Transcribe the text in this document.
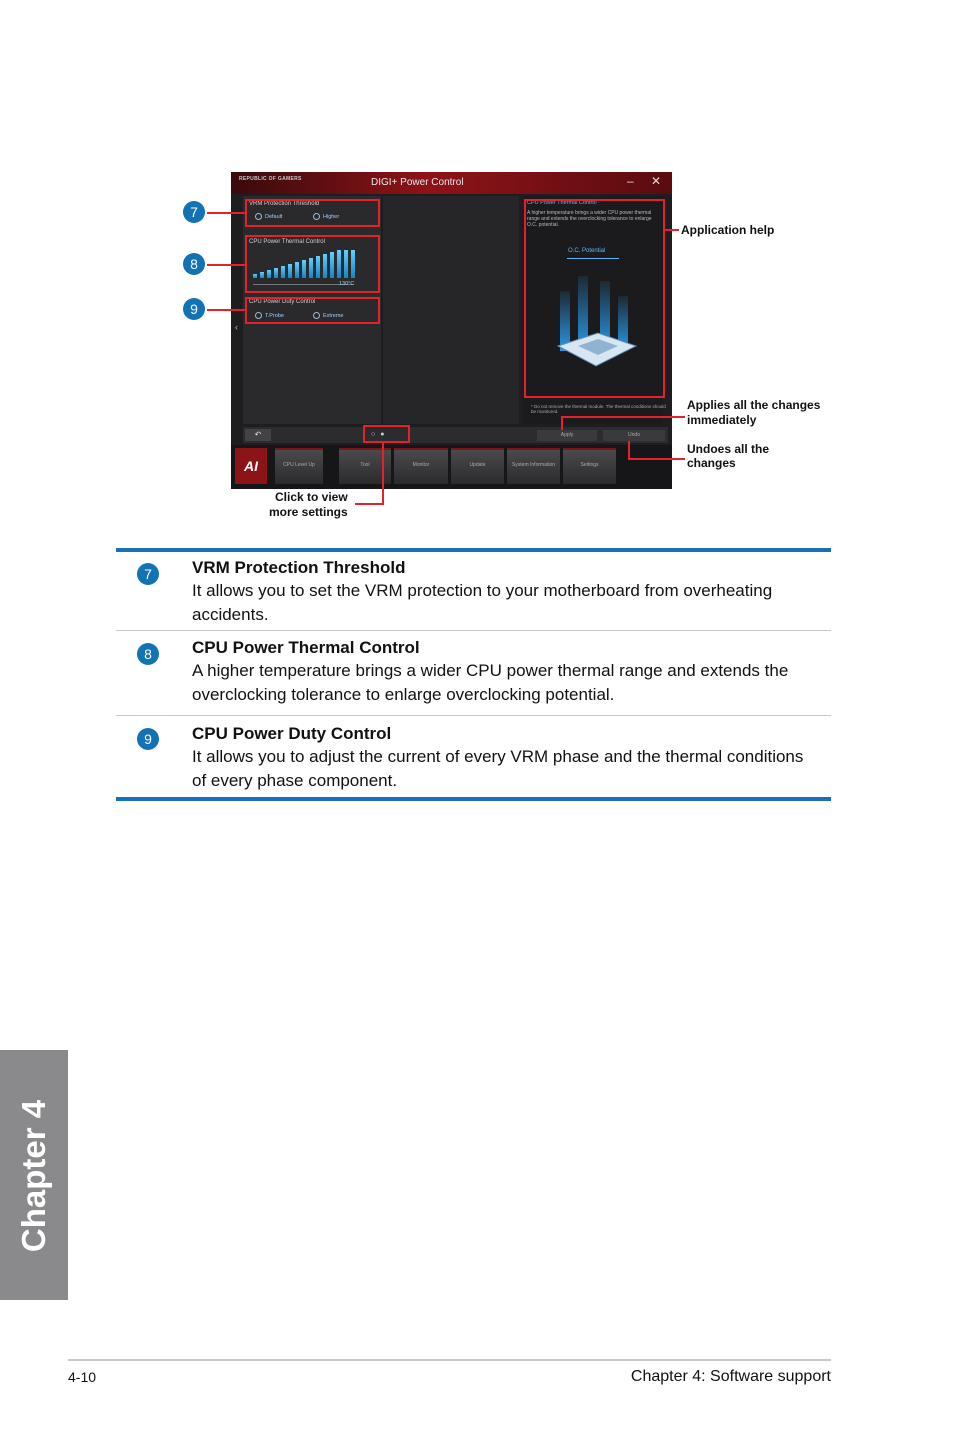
REPUBLIC OF GAMERS	DIGI+ Power Control	– ✕
VRM Protection Threshold
Default	Higher
CPU Power Thermal Control
130°C
CPU Power Duty Control
T.Probe	Extreme
‹
CPU Power Thermal Control
A higher temperature brings a wider CPU power thermal range and extends the overclocking tolerance to enlarge O.C. potential.
O.C. Potential
* Do not remove the thermal module. The thermal conditions should be monitored.
↶	○●	Apply	Undo
AI	CPU Level Up	Tool	Monitor	Update	System Information	Settings
7
8
9
Application help
Applies all the changes
immediately
Undoes all the
changes
Click to view
more settings
7	VRM Protection Threshold
It allows you to set the VRM protection to your motherboard from overheating
accidents.
8	CPU Power Thermal Control
A higher temperature brings a wider CPU power thermal range and extends the
overclocking tolerance to enlarge overclocking potential.
9	CPU Power Duty Control
It allows you to adjust the current of every VRM phase and the thermal conditions
of every phase component.
Chapter 4
4-10	Chapter 4: Software support
